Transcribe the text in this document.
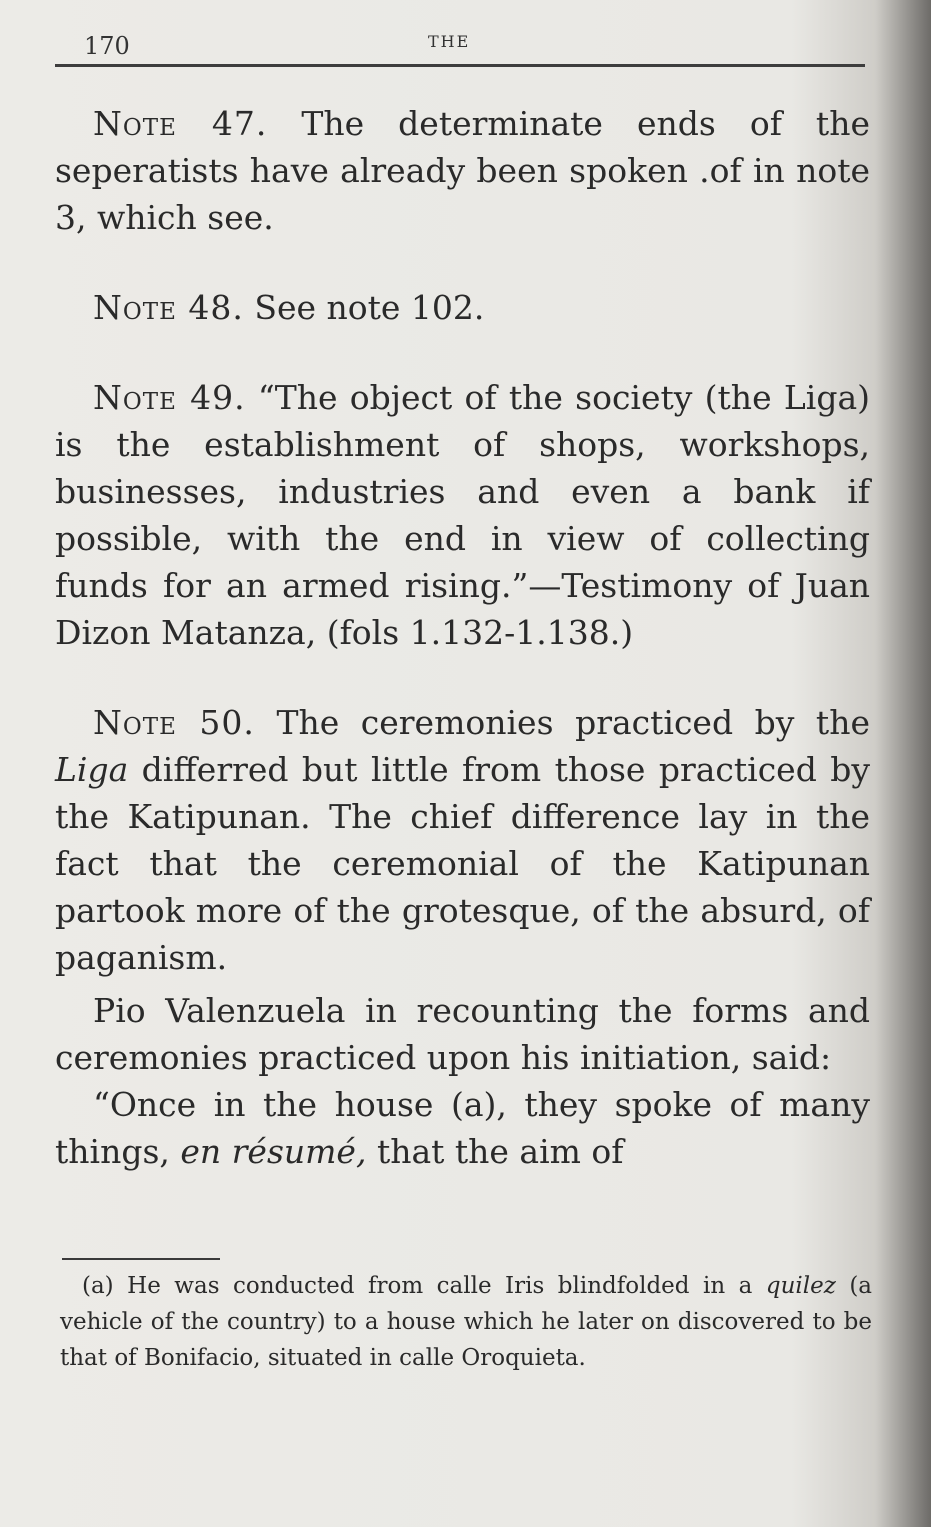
170	THE

Note 47. The determinate ends of the seperatists have already been spoken .of in note 3, which see.

Note 48. See note 102.

Note 49. “The object of the society (the Liga) is the establishment of shops, workshops, businesses, industries and even a bank if possible, with the end in view of collecting funds for an armed rising.”—Testimony of Juan Dizon Matanza, (fols 1.132-1.138.)

Note 50. The ceremonies practiced by the Liga differred but little from those practiced by the Katipunan. The chief difference lay in the fact that the ceremonial of the Katipunan partook more of the grotesque, of the absurd, of paganism.

Pio Valenzuela in recounting the forms and ceremonies practiced upon his initiation, said:

“Once in the house (a), they spoke of many things, en résumé, that the aim of

(a) He was conducted from calle Iris blindfolded in a quilez (a vehicle of the country) to a house which he later on discovered to be that of Bonifacio, situated in calle Oroquieta.
